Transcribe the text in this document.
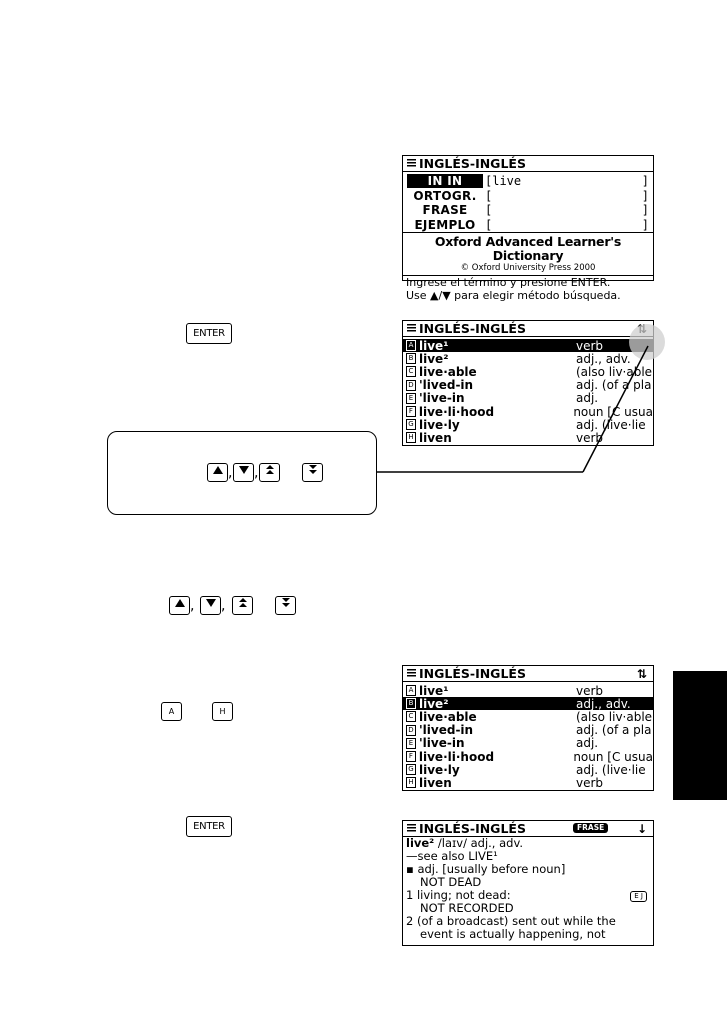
INGLÉS-INGLÉS
IN IN	[live	]
ORTOGR. [	]
FRASE	[	]
EJEMPLO [	]
Oxford Advanced Learner's Dictionary
© Oxford University Press 2000
Ingrese el término y presione ENTER.
Use ▲/▼ para elegir método búsqueda.
ENTER	INGLÉS-INGLÉS
A live¹	verb
B live²	adj., adv.
C live·able	(also liv·able
D 'lived-in	adj. (of a pla
E 'live-in	adj.
F live·li·hood	noun [C usua
G live·ly	adj. (live·lie
H liven	verb
, ,
, ,
A	H
INGLÉS-INGLÉS	⇅
A live¹	verb
B live²	adj., adv.
C live·able	(also liv·able
D 'lived-in	adj. (of a pla
E 'live-in	adj.
F live·li·hood	noun [C usua
G live·ly	adj. (live·lie
H liven	verb
ENTER	INGLÉS-INGLÉS	FRASE	↓
live² /laɪv/ adj., adv.
—see also LIVE¹
▪ adj. [usually before noun]
NOT DEAD
1 living; not dead:	E J
NOT RECORDED
2 (of a broadcast) sent out while the
event is actually happening, not
